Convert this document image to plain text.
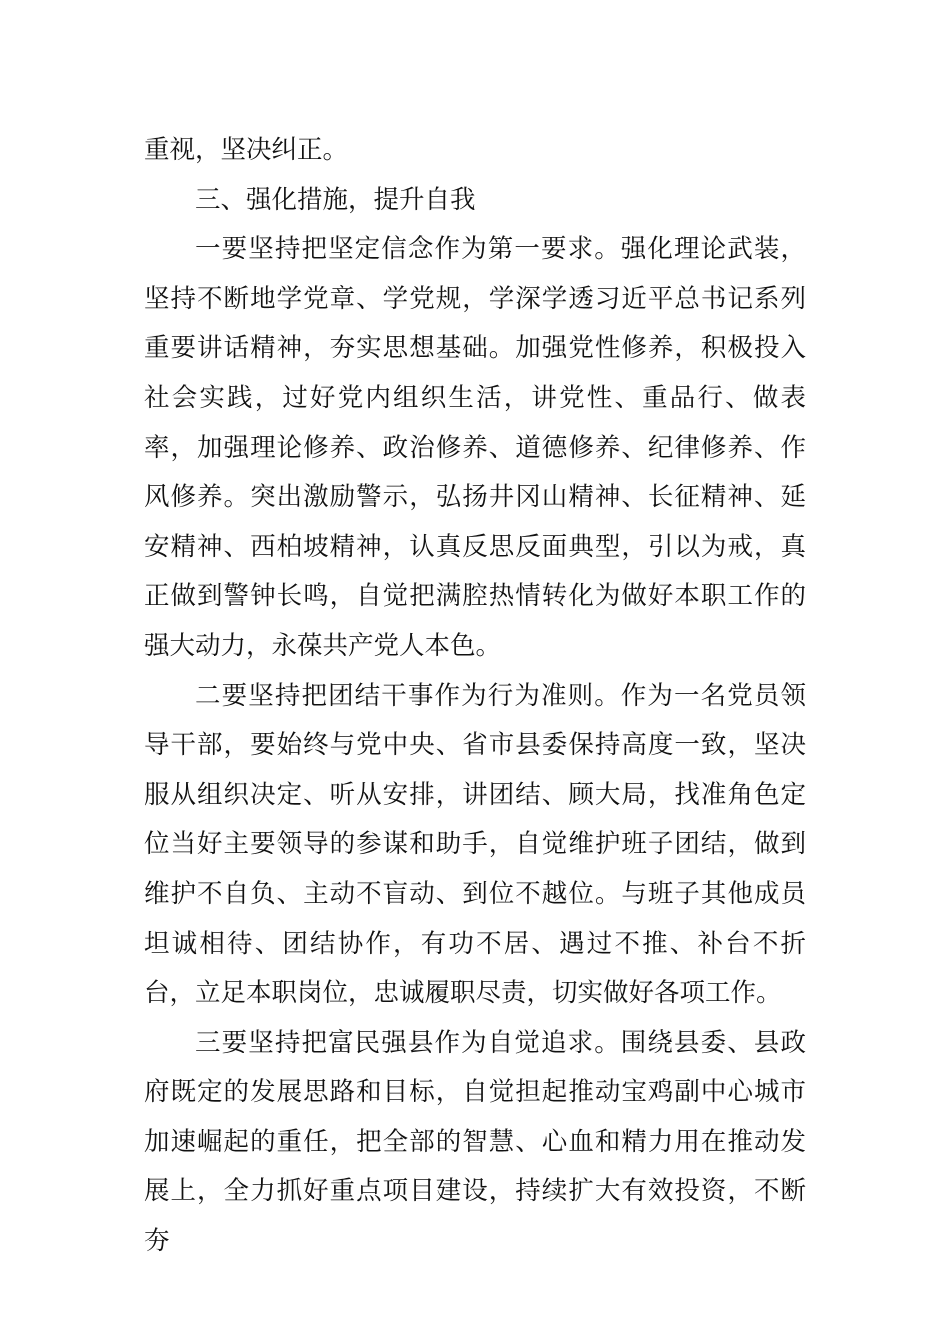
重视，坚决纠正。

三、强化措施，提升自我

一要坚持把坚定信念作为第一要求。强化理论武装，坚持不断地学党章、学党规，学深学透习近平总书记系列重要讲话精神，夯实思想基础。加强党性修养，积极投入社会实践，过好党内组织生活，讲党性、重品行、做表率，加强理论修养、政治修养、道德修养、纪律修养、作风修养。突出激励警示，弘扬井冈山精神、长征精神、延安精神、西柏坡精神，认真反思反面典型，引以为戒，真正做到警钟长鸣，自觉把满腔热情转化为做好本职工作的强大动力，永葆共产党人本色。

二要坚持把团结干事作为行为准则。作为一名党员领导干部，要始终与党中央、省市县委保持高度一致，坚决服从组织决定、听从安排，讲团结、顾大局，找准角色定位当好主要领导的参谋和助手，自觉维护班子团结，做到维护不自负、主动不盲动、到位不越位。与班子其他成员坦诚相待、团结协作，有功不居、遇过不推、补台不折台，立足本职岗位，忠诚履职尽责，切实做好各项工作。

三要坚持把富民强县作为自觉追求。围绕县委、县政府既定的发展思路和目标，自觉担起推动宝鸡副中心城市加速崛起的重任，把全部的智慧、心血和精力用在推动发展上，全力抓好重点项目建设，持续扩大有效投资，不断夯
